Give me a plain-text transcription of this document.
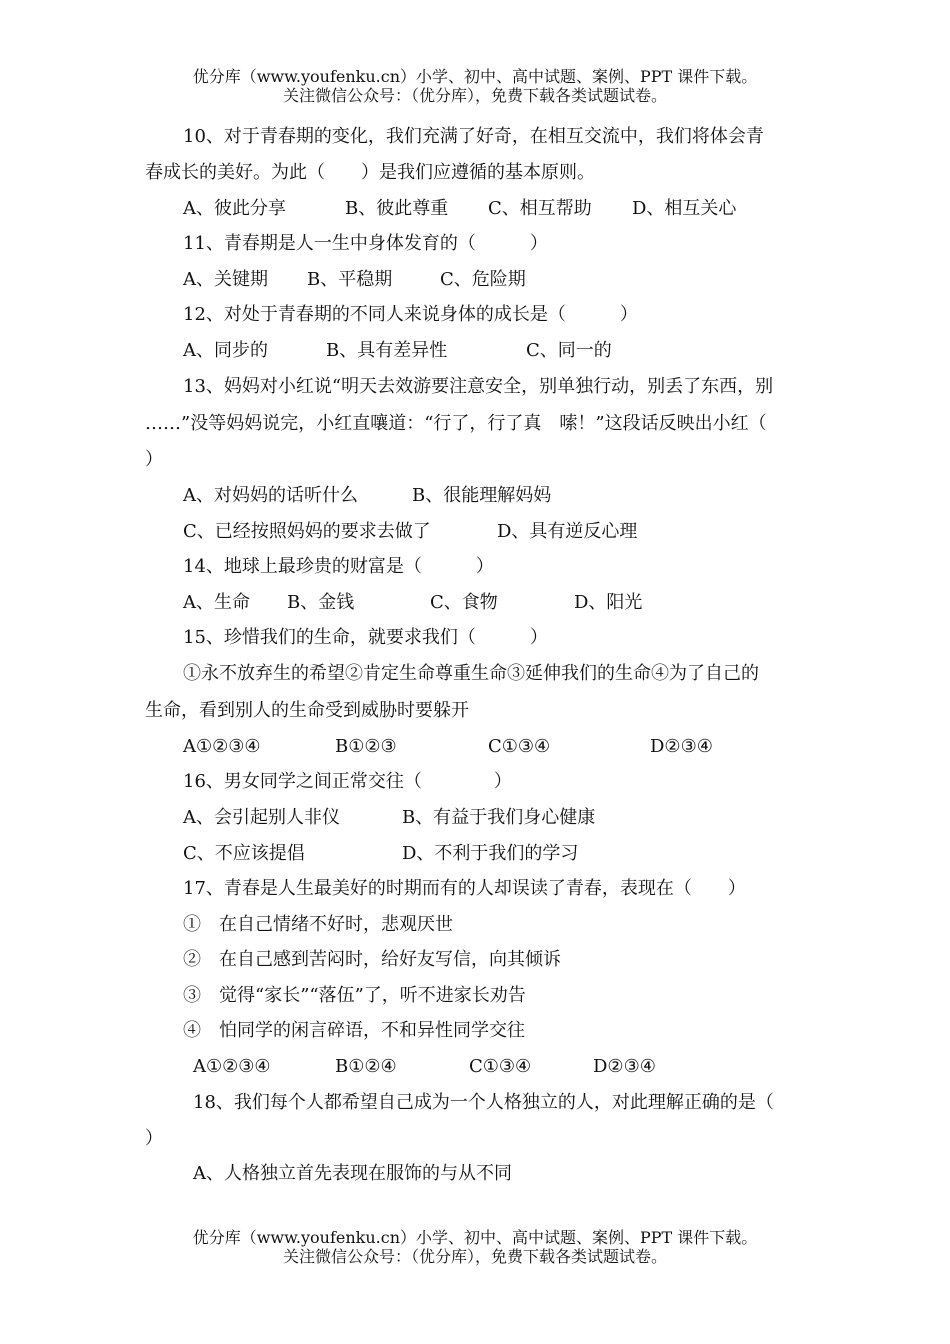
优分库（www.youfenku.cn）小学、初中、高中试题、案例、PPT 课件下载。
关注微信公众号：（优分库），免费下载各类试题试卷。
10、对于青春期的变化，我们充满了好奇，在相互交流中，我们将体会青
春成长的美好。为此（　　）是我们应遵循的基本原则。
A、彼此分享	B、彼此尊重 C、相互帮助 D、相互关心
11、青春期是人一生中身体发育的（　　　）
A、关键期 B、平稳期	C、危险期
12、对处于青春期的不同人来说身体的成长是（　　　）
A、同步的	B、具有差异性	C、同一的
13、妈妈对小红说“明天去效游要注意安全，别单独行动，别丢了东西，别
……”没等妈妈说完，小红直嚷道：“行了，行了真　嗦！”这段话反映出小红（
）
A、对妈妈的话听什么	B、很能理解妈妈
C、已经按照妈妈的要求去做了	D、具有逆反心理
14、地球上最珍贵的财富是（　　　）
A、生命 B、金钱	C、食物	D、阳光
15、珍惜我们的生命，就要求我们（　　　）
①永不放弃生的希望②肯定生命尊重生命③延伸我们的生命④为了自己的
生命，看到别人的生命受到威胁时要躲开
A①②③④	B①②③	C①③④	D②③④
16、男女同学之间正常交往（　　　　）
A、会引起别人非仪	B、有益于我们身心健康
C、不应该提倡	D、不利于我们的学习
17、青春是人生最美好的时期而有的人却误读了青春，表现在（　　）
①　在自己情绪不好时，悲观厌世
②　在自己感到苦闷时，给好友写信，向其倾诉
③　觉得“家长”“落伍”了，听不进家长劝告
④　怕同学的闲言碎语，不和异性同学交往
A①②③④	B①②④	C①③④	D②③④
18、我们每个人都希望自己成为一个人格独立的人，对此理解正确的是（
）
A、人格独立首先表现在服饰的与从不同
优分库（www.youfenku.cn）小学、初中、高中试题、案例、PPT 课件下载。
关注微信公众号：（优分库），免费下载各类试题试卷。
